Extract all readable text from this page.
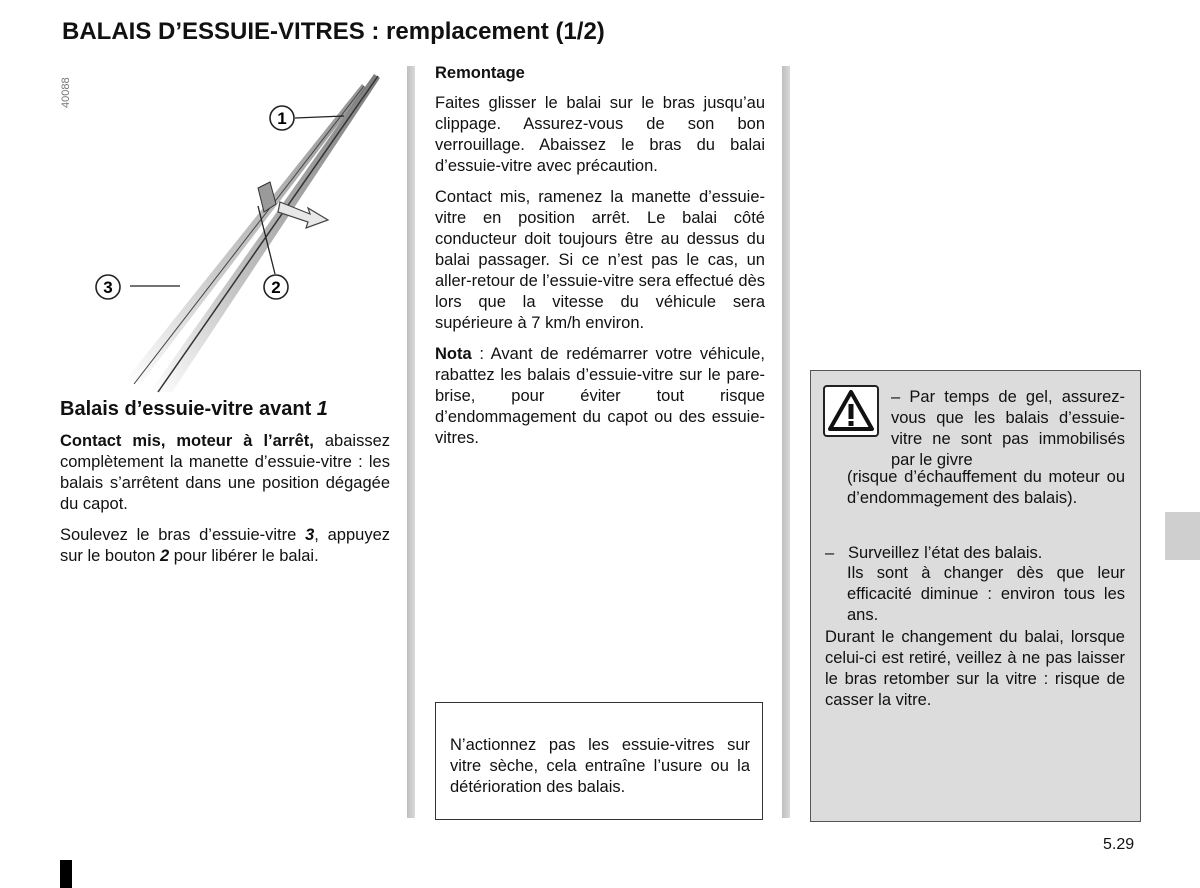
BALAIS D’ESSUIE-VITRES : remplacement (1/2)
40088
1
3	2
Balais d’essuie-vitre avant 1

Contact mis, moteur à l’arrêt, abaissez complètement la manette d’essuie-vitre : les balais s’arrêtent dans une position dégagée du capot.

Soulevez le bras d’essuie-vitre 3, appuyez sur le bouton 2 pour libérer le balai.

Remontage

Faites glisser le balai sur le bras jusqu’au clippage. Assurez-vous de son bon verrouillage. Abaissez le bras du balai d’essuie-vitre avec précaution.

Contact mis, ramenez la manette d’essuie-vitre en position arrêt. Le balai côté conducteur doit toujours être au dessus du balai passager. Si ce n’est pas le cas, un aller-retour de l’essuie-vitre sera effectué dès lors que la vitesse du véhicule sera supérieure à 7 km/h environ.

Nota : Avant de redémarrer votre véhicule, rabattez les balais d’essuie-vitre sur le pare-brise, pour éviter tout risque d’endommagement du capot ou des essuie-vitres.

N’actionnez pas les essuie-vitres sur vitre sèche, cela entraîne l’usure ou la détérioration des balais.

– Par temps de gel, assurez-vous que les balais d’essuie-vitre ne sont pas immobilisés par le givre

(risque d’échauffement du moteur ou d’endommagement des balais).

– Surveillez l’état des balais.

Ils sont à changer dès que leur efficacité diminue : environ tous les ans.

Durant le changement du balai, lorsque celui-ci est retiré, veillez à ne pas laisser le bras retomber sur la vitre : risque de casser la vitre.

5.29
